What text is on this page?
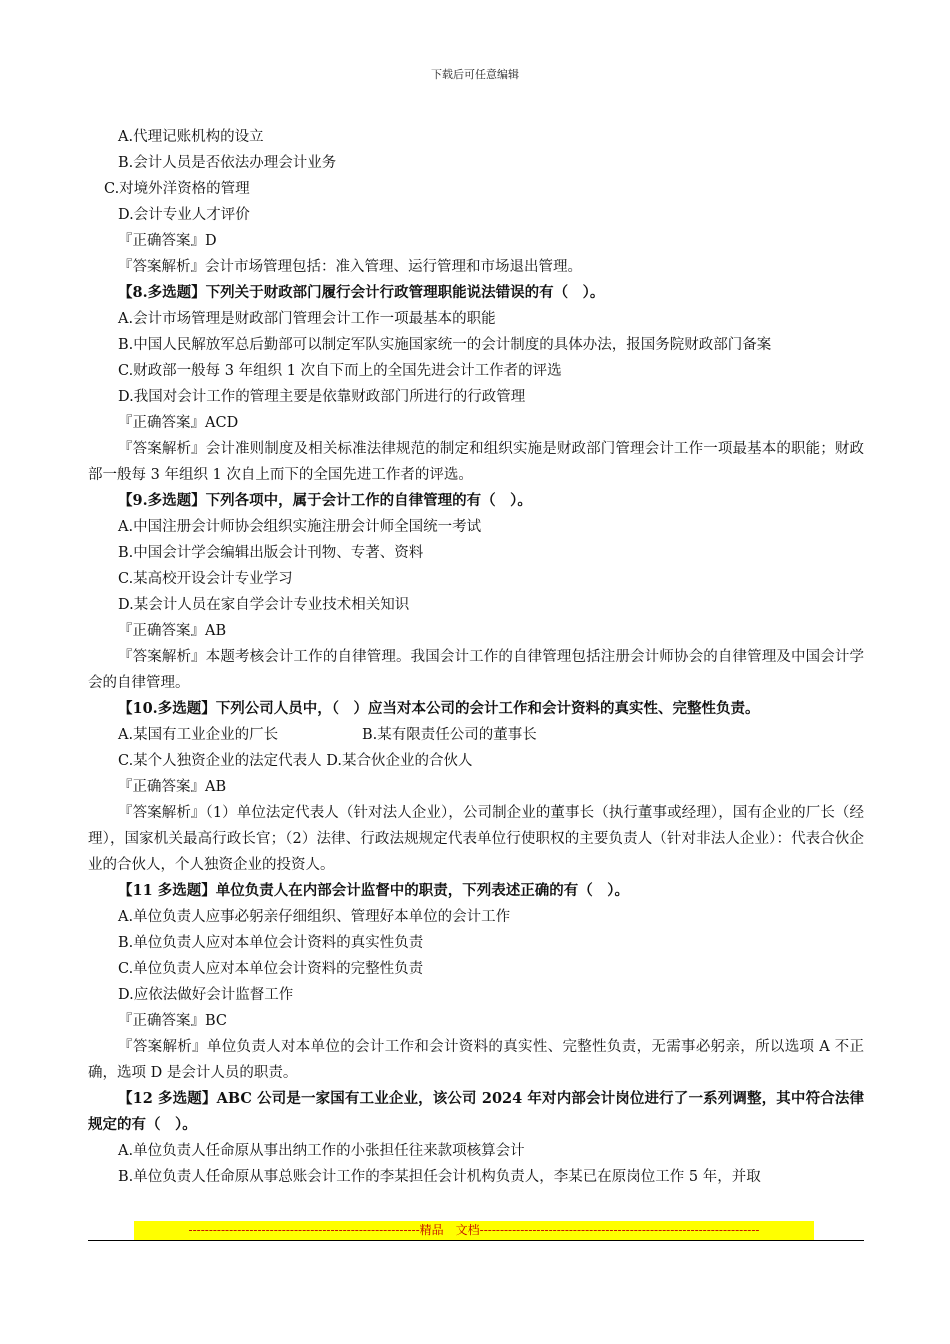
下载后可任意编辑
A.代理记账机构的设立
B.会计人员是否依法办理会计业务
C.对境外洋资格的管理
D.会计专业人才评价
『正确答案』D
『答案解析』会计市场管理包括：准入管理、运行管理和市场退出管理。
【8.多选题】下列关于财政部门履行会计行政管理职能说法错误的有（　）。
A.会计市场管理是财政部门管理会计工作一项最基本的职能
B.中国人民解放军总后勤部可以制定军队实施国家统一的会计制度的具体办法，报国务院财政部门备案
C.财政部一般每 3 年组织 1 次自下而上的全国先进会计工作者的评选
D.我国对会计工作的管理主要是依靠财政部门所进行的行政管理
『正确答案』ACD
『答案解析』会计准则制度及相关标准法律规范的制定和组织实施是财政部门管理会计工作一项最基本的职能；财政部一般每 3 年组织 1 次自上而下的全国先进工作者的评选。
【9.多选题】下列各项中，属于会计工作的自律管理的有（　）。
A.中国注册会计师协会组织实施注册会计师全国统一考试
B.中国会计学会编辑出版会计刊物、专著、资料
C.某高校开设会计专业学习
D.某会计人员在家自学会计专业技术相关知识
『正确答案』AB
『答案解析』本题考核会计工作的自律管理。我国会计工作的自律管理包括注册会计师协会的自律管理及中国会计学会的自律管理。
【10.多选题】下列公司人员中，（　）应当对本公司的会计工作和会计资料的真实性、完整性负责。
A.某国有工业企业的厂长	B.某有限责任公司的董事长
C.某个人独资企业的法定代表人 D.某合伙企业的合伙人
『正确答案』AB
『答案解析』（1）单位法定代表人（针对法人企业），公司制企业的董事长（执行董事或经理），国有企业的厂长（经理），国家机关最高行政长官；（2）法律、行政法规规定代表单位行使职权的主要负责人（针对非法人企业）：代表合伙企业的合伙人，个人独资企业的投资人。
【11 多选题】单位负责人在内部会计监督中的职责，下列表述正确的有（　）。
A.单位负责人应事必躬亲仔细组织、管理好本单位的会计工作
B.单位负责人应对本单位会计资料的真实性负责
C.单位负责人应对本单位会计资料的完整性负责
D.应依法做好会计监督工作
『正确答案』BC
『答案解析』单位负责人对本单位的会计工作和会计资料的真实性、完整性负责，无需事必躬亲，所以选项 A 不正确，选项 D 是会计人员的职责。
【12 多选题】ABC 公司是一家国有工业企业，该公司 2024 年对内部会计岗位进行了一系列调整，其中符合法律规定的有（　）。
A.单位负责人任命原从事出纳工作的小张担任往来款项核算会计
B.单位负责人任命原从事总账会计工作的李某担任会计机构负责人，李某已在原岗位工作 5 年，并取
---------------------------------------------------------精品　文档---------------------------------------------------------------------
